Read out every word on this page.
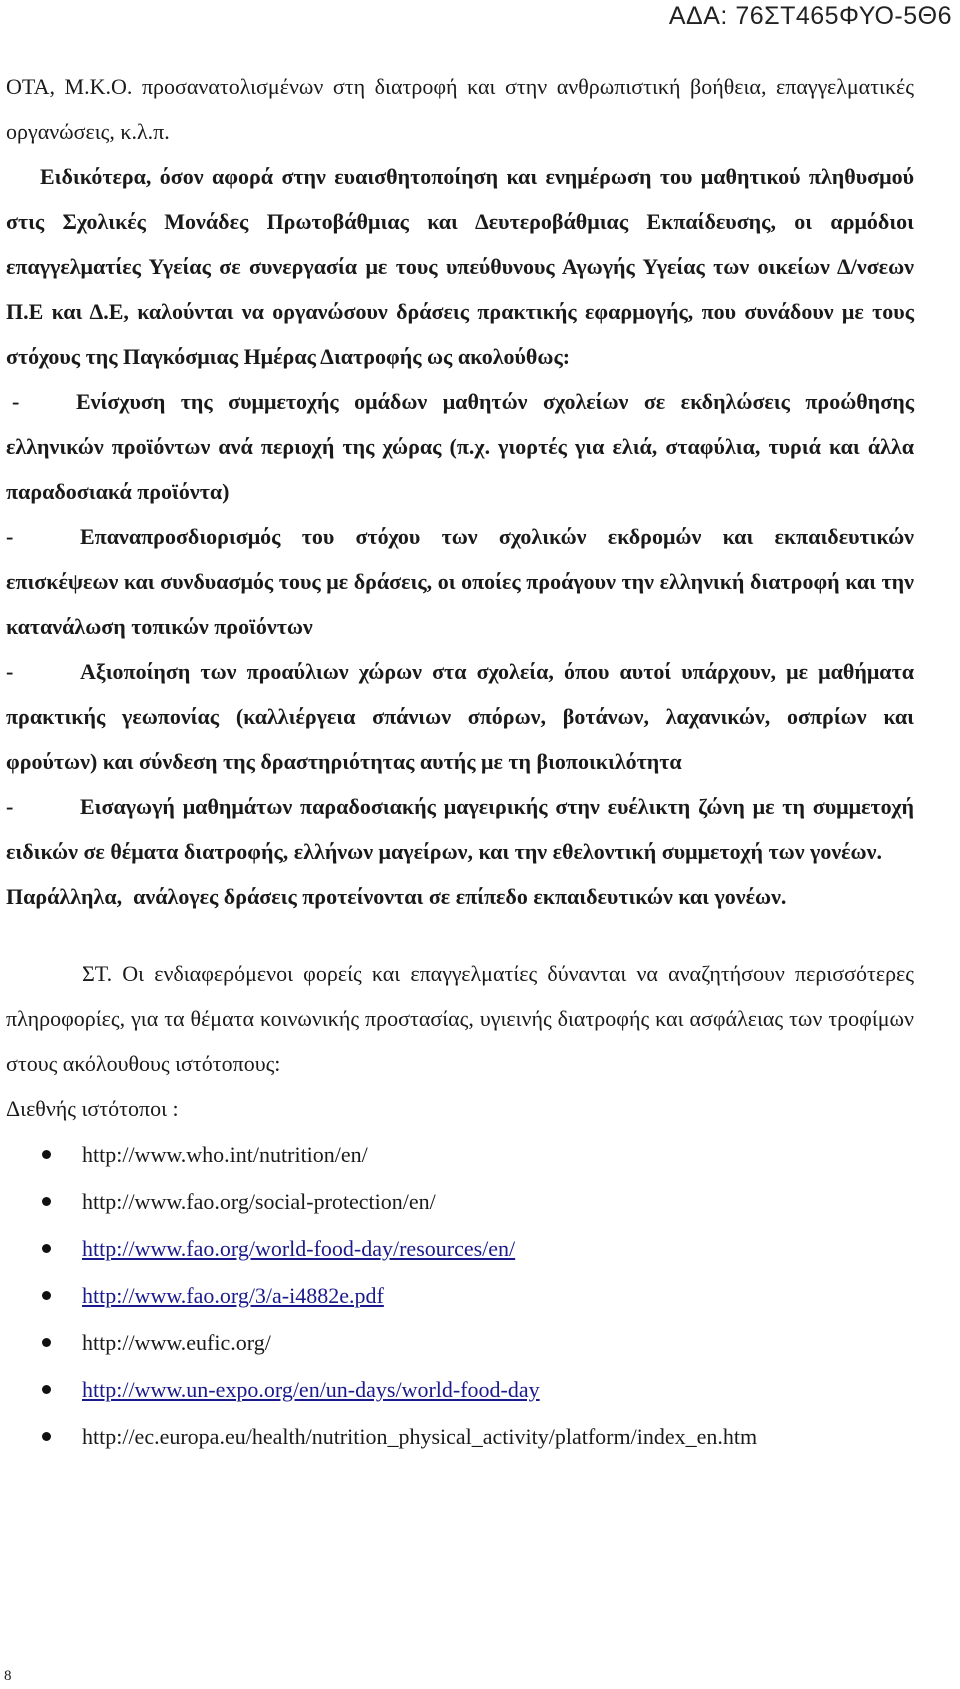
ΑΔΑ: 76ΣΤ465ΦΥΟ-5Θ6

ΟΤΑ, Μ.Κ.Ο. προσανατολισμένων στη διατροφή και στην ανθρωπιστική βοήθεια, επαγγελματικές οργανώσεις, κ.λ.π.

Ειδικότερα, όσον αφορά στην ευαισθητοποίηση και ενημέρωση του μαθητικού πληθυσμού στις Σχολικές Μονάδες Πρωτοβάθμιας και Δευτεροβάθμιας Εκπαίδευσης, οι αρμόδιοι επαγγελματίες Υγείας σε συνεργασία με τους υπεύθυνους Αγωγής Υγείας των οικείων Δ/νσεων Π.Ε και Δ.Ε, καλούνται να οργανώσουν δράσεις πρακτικής εφαρμογής, που συνάδουν με τους στόχους της Παγκόσμιας Ημέρας Διατροφής ως ακολούθως:

-	Ενίσχυση της συμμετοχής ομάδων μαθητών σχολείων σε εκδηλώσεις προώθησης ελληνικών προϊόντων ανά περιοχή της χώρας (π.χ. γιορτές για ελιά, σταφύλια, τυριά και άλλα παραδοσιακά προϊόντα)

-	Επαναπροσδιορισμός του στόχου των σχολικών εκδρομών και εκπαιδευτικών επισκέψεων και συνδυασμός τους με δράσεις, οι οποίες προάγουν την ελληνική διατροφή και την κατανάλωση τοπικών προϊόντων

-	Αξιοποίηση των προαύλιων χώρων στα σχολεία, όπου αυτοί υπάρχουν, με μαθήματα πρακτικής γεωπονίας (καλλιέργεια σπάνιων σπόρων, βοτάνων, λαχανικών, οσπρίων και φρούτων) και σύνδεση της δραστηριότητας αυτής με τη βιοποικιλότητα

-	Εισαγωγή μαθημάτων παραδοσιακής μαγειρικής στην ευέλικτη ζώνη με τη συμμετοχή ειδικών σε θέματα διατροφής, ελλήνων μαγείρων, και την εθελοντική συμμετοχή των γονέων.

Παράλληλα,  ανάλογες δράσεις προτείνονται σε επίπεδο εκπαιδευτικών και γονέων.

ΣΤ. Οι ενδιαφερόμενοι φορείς και επαγγελματίες δύνανται να αναζητήσουν περισσότερες πληροφορίες, για τα θέματα κοινωνικής προστασίας, υγιεινής διατροφής και ασφάλειας των τροφίμων στους ακόλουθους ιστότοπους:

Διεθνής ιστότοποι :

http://www.who.int/nutrition/en/
http://www.fao.org/social-protection/en/
http://www.fao.org/world-food-day/resources/en/
http://www.fao.org/3/a-i4882e.pdf
http://www.eufic.org/
http://www.un-expo.org/en/un-days/world-food-day
http://ec.europa.eu/health/nutrition_physical_activity/platform/index_en.htm
8
